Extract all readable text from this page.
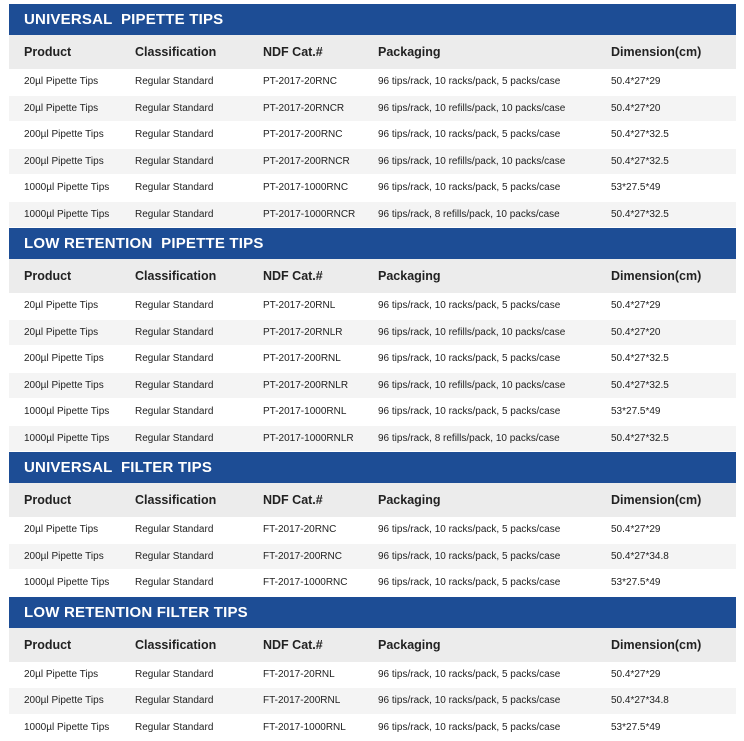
UNIVERSAL  PIPETTE TIPS
Product	Classification	NDF Cat.#	Packaging	Dimension(cm)
20µl Pipette Tips	Regular Standard	PT-2017-20RNC	96 tips/rack, 10 racks/pack, 5 packs/case	50.4*27*29
20µl Pipette Tips	Regular Standard	PT-2017-20RNCR	96 tips/rack, 10 refills/pack, 10 packs/case	50.4*27*20
200µl Pipette Tips	Regular Standard	PT-2017-200RNC	96 tips/rack, 10 racks/pack, 5 packs/case	50.4*27*32.5
200µl Pipette Tips	Regular Standard	PT-2017-200RNCR	96 tips/rack, 10 refills/pack, 10 packs/case	50.4*27*32.5
1000µl Pipette Tips	Regular Standard	PT-2017-1000RNC	96 tips/rack, 10 racks/pack, 5 packs/case	53*27.5*49
1000µl Pipette Tips	Regular Standard	PT-2017-1000RNCR	96 tips/rack, 8 refills/pack, 10 packs/case	50.4*27*32.5
LOW RETENTION  PIPETTE TIPS
Product	Classification	NDF Cat.#	Packaging	Dimension(cm)
20µl Pipette Tips	Regular Standard	PT-2017-20RNL	96 tips/rack, 10 racks/pack, 5 packs/case	50.4*27*29
20µl Pipette Tips	Regular Standard	PT-2017-20RNLR	96 tips/rack, 10 refills/pack, 10 packs/case	50.4*27*20
200µl Pipette Tips	Regular Standard	PT-2017-200RNL	96 tips/rack, 10 racks/pack, 5 packs/case	50.4*27*32.5
200µl Pipette Tips	Regular Standard	PT-2017-200RNLR	96 tips/rack, 10 refills/pack, 10 packs/case	50.4*27*32.5
1000µl Pipette Tips	Regular Standard	PT-2017-1000RNL	96 tips/rack, 10 racks/pack, 5 packs/case	53*27.5*49
1000µl Pipette Tips	Regular Standard	PT-2017-1000RNLR	96 tips/rack, 8 refills/pack, 10 packs/case	50.4*27*32.5
UNIVERSAL  FILTER TIPS
Product	Classification	NDF Cat.#	Packaging	Dimension(cm)
20µl Pipette Tips	Regular Standard	FT-2017-20RNC	96 tips/rack, 10 racks/pack, 5 packs/case	50.4*27*29
200µl Pipette Tips	Regular Standard	FT-2017-200RNC	96 tips/rack, 10 racks/pack, 5 packs/case	50.4*27*34.8
1000µl Pipette Tips	Regular Standard	FT-2017-1000RNC	96 tips/rack, 10 racks/pack, 5 packs/case	53*27.5*49
LOW RETENTION FILTER TIPS
Product	Classification	NDF Cat.#	Packaging	Dimension(cm)
20µl Pipette Tips	Regular Standard	FT-2017-20RNL	96 tips/rack, 10 racks/pack, 5 packs/case	50.4*27*29
200µl Pipette Tips	Regular Standard	FT-2017-200RNL	96 tips/rack, 10 racks/pack, 5 packs/case	50.4*27*34.8
1000µl Pipette Tips	Regular Standard	FT-2017-1000RNL	96 tips/rack, 10 racks/pack, 5 packs/case	53*27.5*49
